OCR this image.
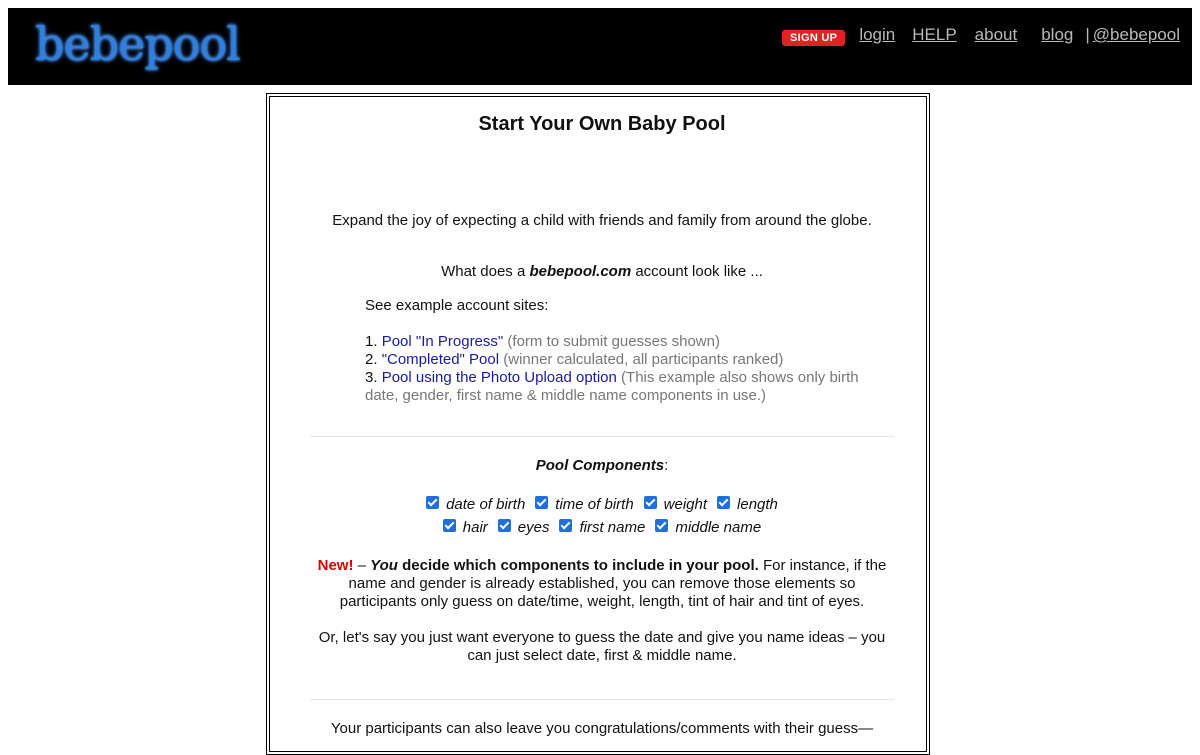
bebepool	SIGN UP	login HELP about blog | @bebepool
Start Your Own Baby Pool

Expand the joy of expecting a child with friends and family from around the globe.

What does a bebepool.com account look like ...

See example account sites:
1. Pool "In Progress" (form to submit guesses shown)
2. "Completed" Pool (winner calculated, all participants ranked)
3. Pool using the Photo Upload option (This example also shows only birth date, gender, first name & middle name components in use.)

Pool Components:

date of birth time of birth weight length
hair eyes first name middle name

New! – You decide which components to include in your pool. For instance, if the name and gender is already established, you can remove those elements so participants only guess on date/time, weight, length, tint of hair and tint of eyes.

Or, let's say you just want everyone to guess the date and give you name ideas – you can just select date, first & middle name.

Your participants can also leave you congratulations/comments with their guess—
